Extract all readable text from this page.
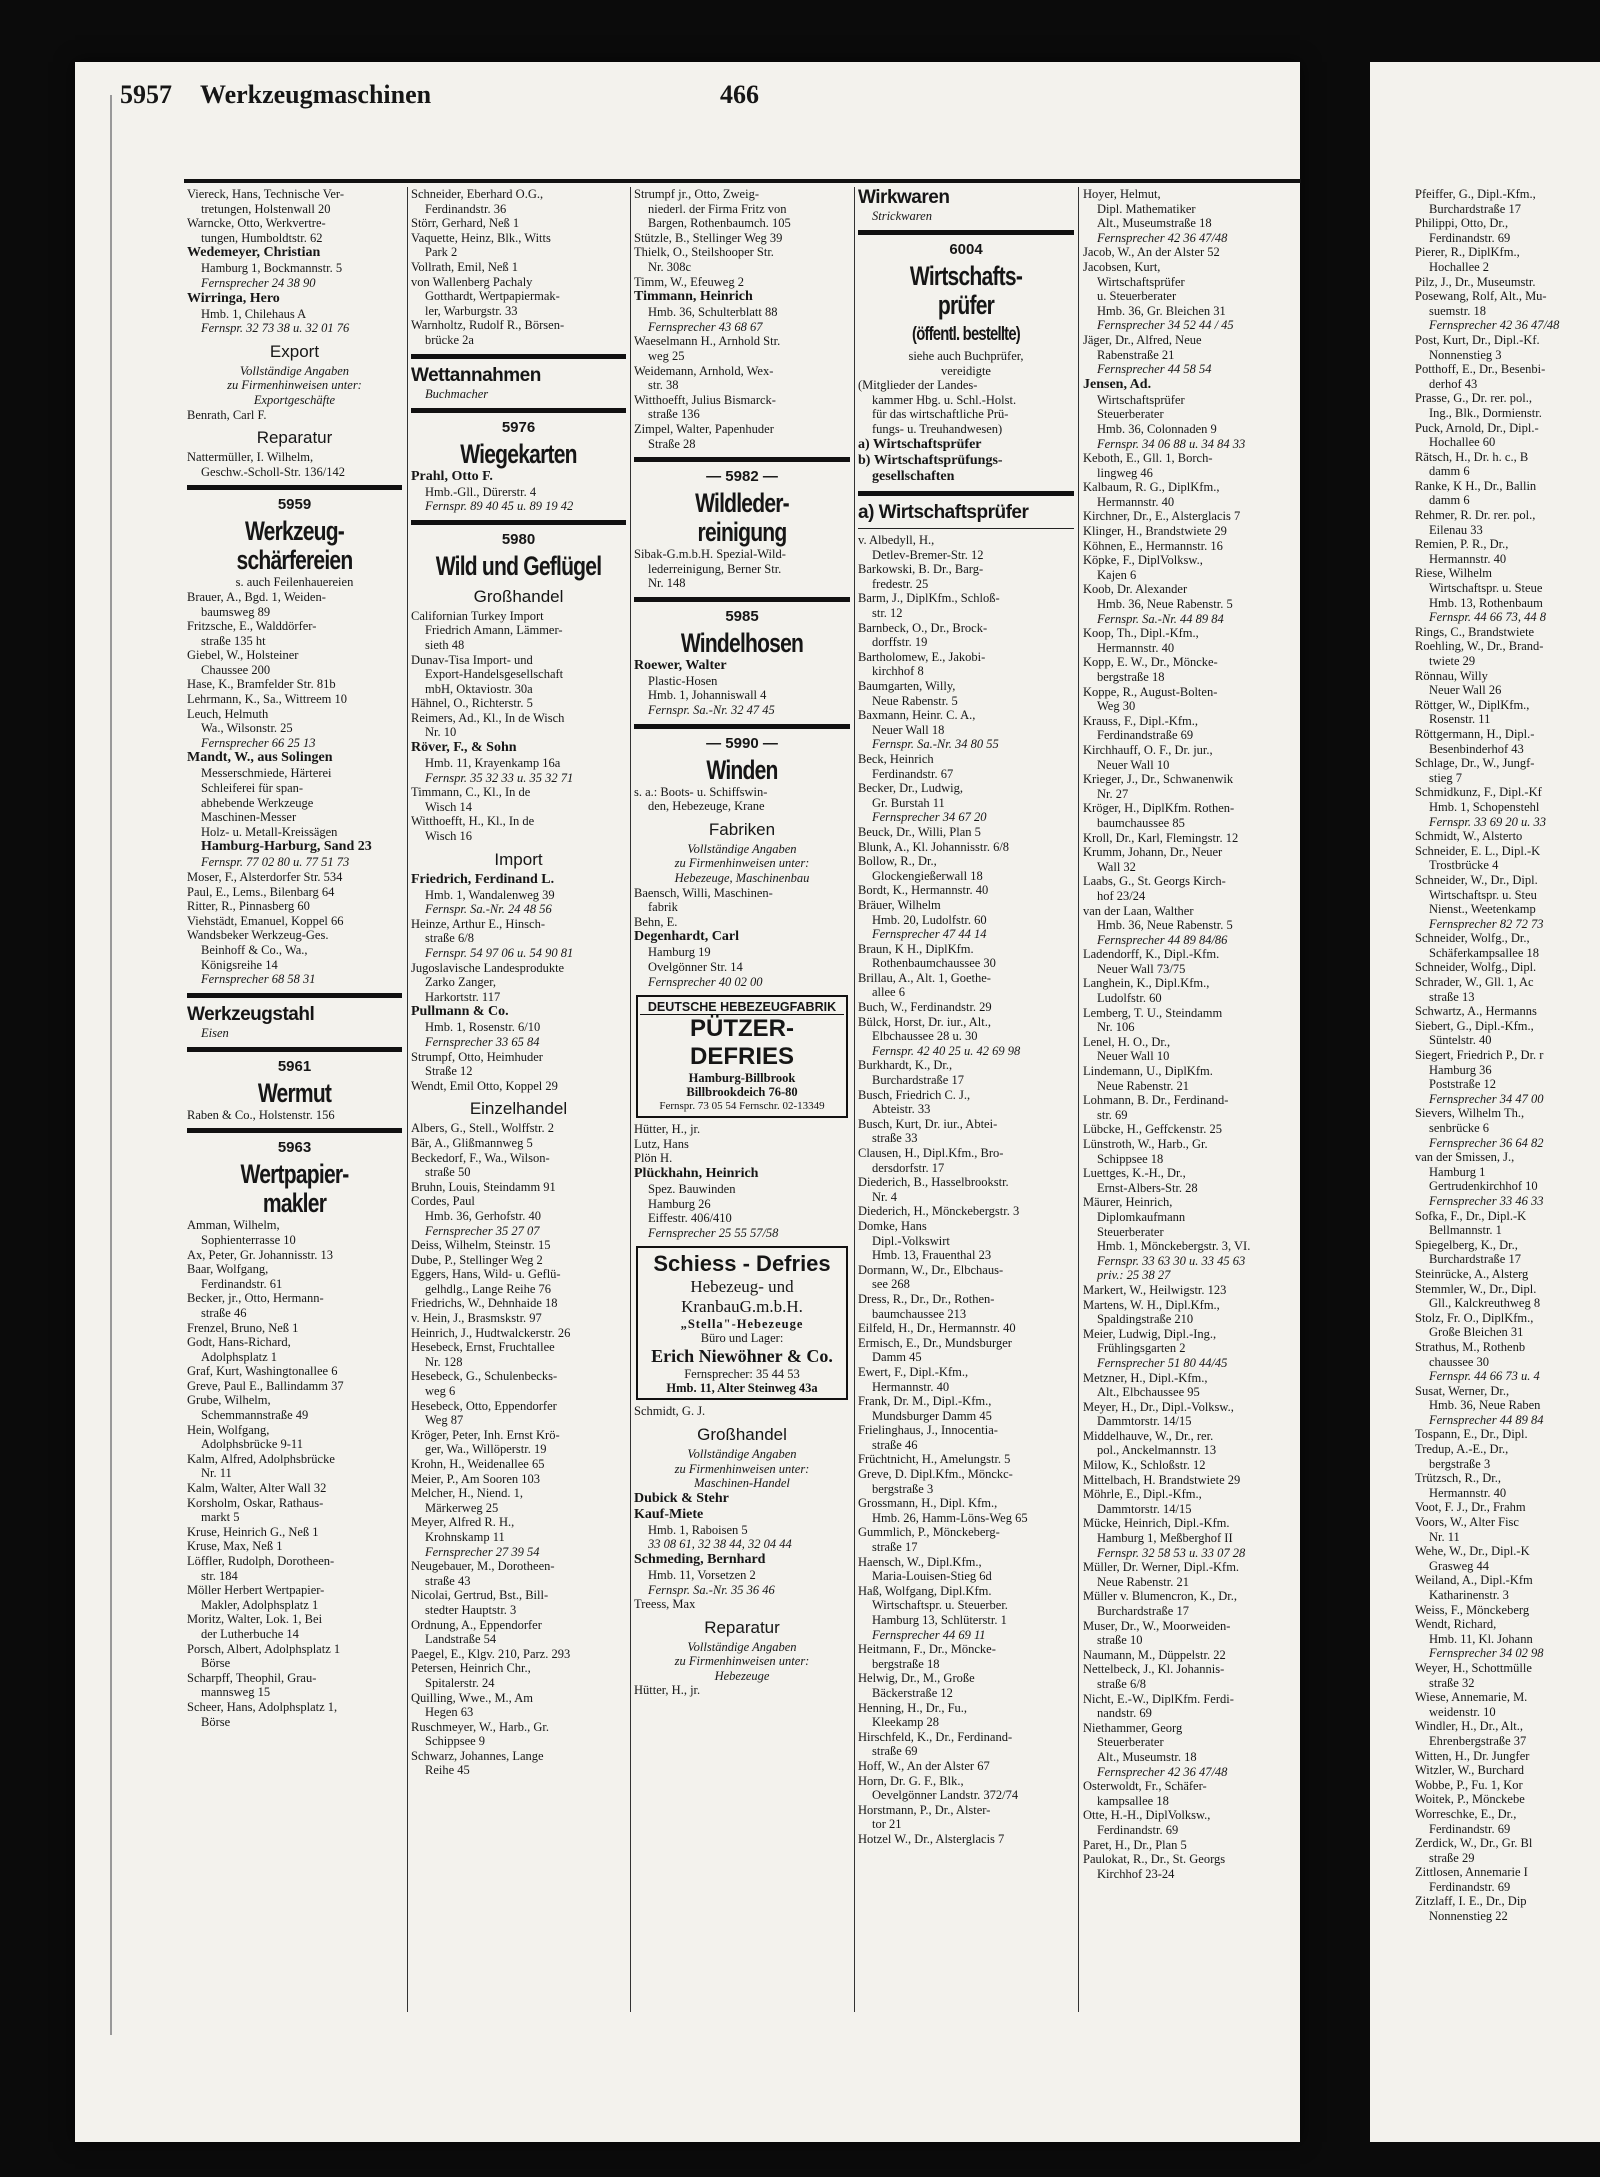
5957 Werkzeugmaschinen	466
Viereck, Hans, Technische Ver-
tretungen, Holstenwall 20
Warncke, Otto, Werkvertre-
tungen, Humboldtstr. 62
Wedemeyer, Christian
Hamburg 1, Bockmannstr. 5
Fernsprecher 24 38 90
Wirringa, Hero
Hmb. 1, Chilehaus A
Fernspr. 32 73 38 u. 32 01 76
Export
Vollständige Angaben
zu Firmenhinweisen unter:
Exportgeschäfte
Benrath, Carl F.
Reparatur
Nattermüller, I. Wilhelm,
Geschw.-Scholl-Str. 136/142
5959
Werkzeug-
schärfereien
s. auch Feilenhauereien
Brauer, A., Bgd. 1, Weiden-
baumsweg 89
Fritzsche, E., Walddörfer-
straße 135 ht
Giebel, W., Holsteiner
Chaussee 200
Hase, K., Bramfelder Str. 81b
Lehrmann, K., Sa., Wittreem 10
Leuch, Helmuth
Wa., Wilsonstr. 25
Fernsprecher 66 25 13
Mandt, W., aus Solingen
Messerschmiede, Härterei
Schleiferei für span-
abhebende Werkzeuge
Maschinen-Messer
Holz- u. Metall-Kreissägen
Hamburg-Harburg, Sand 23
Fernspr. 77 02 80 u. 77 51 73
Moser, F., Alsterdorfer Str. 534
Paul, E., Lems., Bilenbarg 64
Ritter, R., Pinnasberg 60
Viehstädt, Emanuel, Koppel 66
Wandsbeker Werkzeug-Ges.
Beinhoff & Co., Wa.,
Königsreihe 14
Fernsprecher 68 58 31
Werkzeugstahl
Eisen
5961
Wermut
Raben & Co., Holstenstr. 156
5963
Wertpapier-
makler
Amman, Wilhelm,
Sophienterrasse 10
Ax, Peter, Gr. Johannisstr. 13
Baar, Wolfgang,
Ferdinandstr. 61
Becker, jr., Otto, Hermann-
straße 46
Frenzel, Bruno, Neß 1
Godt, Hans-Richard,
Adolphsplatz 1
Graf, Kurt, Washingtonallee 6
Greve, Paul E., Ballindamm 37
Grube, Wilhelm,
Schemmannstraße 49
Hein, Wolfgang,
Adolphsbrücke 9-11
Kalm, Alfred, Adolphsbrücke
Nr. 11
Kalm, Walter, Alter Wall 32
Korsholm, Oskar, Rathaus-
markt 5
Kruse, Heinrich G., Neß 1
Kruse, Max, Neß 1
Löffler, Rudolph, Dorotheen-
str. 184
Möller Herbert Wertpapier-
Makler, Adolphsplatz 1
Moritz, Walter, Lok. 1, Bei
der Lutherbuche 14
Porsch, Albert, Adolphsplatz 1
Börse
Scharpff, Theophil, Grau-
mannsweg 15
Scheer, Hans, Adolphsplatz 1,
Börse
Schneider, Eberhard O.G.,
Ferdinandstr. 36
Störr, Gerhard, Neß 1
Vaquette, Heinz, Blk., Witts
Park 2
Vollrath, Emil, Neß 1
von Wallenberg Pachaly
Gotthardt, Wertpapiermak-
ler, Warburgstr. 33
Warnholtz, Rudolf R., Börsen-
brücke 2a
Wettannahmen
Buchmacher
5976
Wiegekarten
Prahl, Otto F.
Hmb.-Gll., Dürerstr. 4
Fernspr. 89 40 45 u. 89 19 42
5980
Wild und Geflügel
Großhandel
Californian Turkey Import
Friedrich Amann, Lämmer-
sieth 48
Dunav-Tisa Import- und
Export-Handelsgesellschaft
mbH, Oktaviostr. 30a
Hähnel, O., Richterstr. 5
Reimers, Ad., Kl., In de Wisch
Nr. 10
Röver, F., & Sohn
Hmb. 11, Krayenkamp 16a
Fernspr. 35 32 33 u. 35 32 71
Timmann, C., Kl., In de
Wisch 14
Witthoefft, H., Kl., In de
Wisch 16
Import
Friedrich, Ferdinand L.
Hmb. 1, Wandalenweg 39
Fernspr. Sa.-Nr. 24 48 56
Heinze, Arthur E., Hinsch-
straße 6/8
Fernspr. 54 97 06 u. 54 90 81
Jugoslavische Landesprodukte
Zarko Zanger,
Harkortstr. 117
Pullmann & Co.
Hmb. 1, Rosenstr. 6/10
Fernsprecher 33 65 84
Strumpf, Otto, Heimhuder
Straße 12
Wendt, Emil Otto, Koppel 29
Einzelhandel
Albers, G., Stell., Wolffstr. 2
Bär, A., Glißmannweg 5
Beckedorf, F., Wa., Wilson-
straße 50
Bruhn, Louis, Steindamm 91
Cordes, Paul
Hmb. 36, Gerhofstr. 40
Fernsprecher 35 27 07
Deiss, Wilhelm, Steinstr. 15
Dube, P., Stellinger Weg 2
Eggers, Hans, Wild- u. Geflü-
gelhdlg., Lange Reihe 76
Friedrichs, W., Dehnhaide 18
v. Hein, J., Brasmskstr. 97
Heinrich, J., Hudtwalckerstr. 26
Hesebeck, Ernst, Fruchtallee
Nr. 128
Hesebeck, G., Schulenbecks-
weg 6
Hesebeck, Otto, Eppendorfer
Weg 87
Kröger, Peter, Inh. Ernst Krö-
ger, Wa., Willöperstr. 19
Krohn, H., Weidenallee 65
Meier, P., Am Sooren 103
Melcher, H., Niend. 1,
Märkerweg 25
Meyer, Alfred R. H.,
Krohnskamp 11
Fernsprecher 27 39 54
Neugebauer, M., Dorotheen-
straße 43
Nicolai, Gertrud, Bst., Bill-
stedter Hauptstr. 3
Ordnung, A., Eppendorfer
Landstraße 54
Paegel, E., Klgv. 210, Parz. 293
Petersen, Heinrich Chr.,
Spitalerstr. 24
Quilling, Wwe., M., Am
Hegen 63
Ruschmeyer, W., Harb., Gr.
Schippsee 9
Schwarz, Johannes, Lange
Reihe 45
Strumpf jr., Otto, Zweig-
niederl. der Firma Fritz von
Bargen, Rothenbaumch. 105
Stützle, B., Stellinger Weg 39
Thielk, O., Steilshooper Str.
Nr. 308c
Timm, W., Efeuweg 2
Timmann, Heinrich
Hmb. 36, Schulterblatt 88
Fernsprecher 43 68 67
Waeselmann H., Arnhold Str.
weg 25
Weidemann, Arnhold, Wex-
str. 38
Witthoefft, Julius Bismarck-
straße 136
Zimpel, Walter, Papenhuder
Straße 28
— 5982 —
Wildleder-
reinigung
Sibak-G.m.b.H. Spezial-Wild-
lederreinigung, Berner Str.
Nr. 148
5985
Windelhosen
Roewer, Walter
Plastic-Hosen
Hmb. 1, Johanniswall 4
Fernspr. Sa.-Nr. 32 47 45
— 5990 —
Winden
s. a.: Boots- u. Schiffswin-
den, Hebezeuge, Krane
Fabriken
Vollständige Angaben
zu Firmenhinweisen unter:
Hebezeuge, Maschinenbau
Baensch, Willi, Maschinen-
fabrik
Behn, E.
Degenhardt, Carl
Hamburg 19
Ovelgönner Str. 14
Fernsprecher 40 02 00
DEUTSCHE HEBEZEUGFABRIK
PÜTZER-DEFRIES
Hamburg-Billbrook
Billbrookdeich 76-80
Fernspr. 73 05 54 Fernschr. 02-13349
Hütter, H., jr.
Lutz, Hans
Plön H.
Plückhahn, Heinrich
Spez. Bauwinden
Hamburg 26
Eiffestr. 406/410
Fernsprecher 25 55 57/58
Schiess - Defries
Hebezeug- und
KranbauG.m.b.H.
„Stella"-Hebezeuge
Büro und Lager:
Erich Niewöhner & Co.
Fernsprecher: 35 44 53
Hmb. 11, Alter Steinweg 43a
Schmidt, G. J.
Großhandel
Vollständige Angaben
zu Firmenhinweisen unter:
Maschinen-Handel
Dubick & Stehr
Kauf-Miete
Hmb. 1, Raboisen 5
33 08 61, 32 38 44, 32 04 44
Schmeding, Bernhard
Hmb. 11, Vorsetzen 2
Fernspr. Sa.-Nr. 35 36 46
Treess, Max
Reparatur
Vollständige Angaben
zu Firmenhinweisen unter:
Hebezeuge
Hütter, H., jr.
Wirkwaren
Strickwaren
6004
Wirtschafts-
prüfer
(öffentl. bestellte)
siehe auch Buchprüfer,
vereidigte
(Mitglieder der Landes-
kammer Hbg. u. Schl.-Holst.
für das wirtschaftliche Prü-
fungs- u. Treuhandwesen)
a) Wirtschaftsprüfer
b) Wirtschaftsprüfungs-
gesellschaften
a) Wirtschaftsprüfer
v. Albedyll, H.,
Detlev-Bremer-Str. 12
Barkowski, B. Dr., Barg-
fredestr. 25
Barm, J., DiplKfm., Schloß-
str. 12
Barnbeck, O., Dr., Brock-
dorffstr. 19
Bartholomew, E., Jakobi-
kirchhof 8
Baumgarten, Willy,
Neue Rabenstr. 5
Baxmann, Heinr. C. A.,
Neuer Wall 18
Fernspr. Sa.-Nr. 34 80 55
Beck, Heinrich
Ferdinandstr. 67
Becker, Dr., Ludwig,
Gr. Burstah 11
Fernsprecher 34 67 20
Beuck, Dr., Willi, Plan 5
Blunk, A., Kl. Johannisstr. 6/8
Bollow, R., Dr.,
Glockengießerwall 18
Bordt, K., Hermannstr. 40
Bräuer, Wilhelm
Hmb. 20, Ludolfstr. 60
Fernsprecher 47 44 14
Braun, K H., DiplKfm.
Rothenbaumchaussee 30
Brillau, A., Alt. 1, Goethe-
allee 6
Buch, W., Ferdinandstr. 29
Bülck, Horst, Dr. iur., Alt.,
Elbchaussee 28 u. 30
Fernspr. 42 40 25 u. 42 69 98
Burkhardt, K., Dr.,
Burchardstraße 17
Busch, Friedrich C. J.,
Abteistr. 33
Busch, Kurt, Dr. iur., Abtei-
straße 33
Clausen, H., Dipl.Kfm., Bro-
dersdorfstr. 17
Diederich, B., Hasselbrookstr.
Nr. 4
Diederich, H., Mönckebergstr. 3
Domke, Hans
Dipl.-Volkswirt
Hmb. 13, Frauenthal 23
Dormann, W., Dr., Elbchaus-
see 268
Dress, R., Dr., Dr., Rothen-
baumchaussee 213
Eilfeld, H., Dr., Hermannstr. 40
Ermisch, E., Dr., Mundsburger
Damm 45
Ewert, F., Dipl.-Kfm.,
Hermannstr. 40
Frank, Dr. M., Dipl.-Kfm.,
Mundsburger Damm 45
Frielinghaus, J., Innocentia-
straße 46
Früchtnicht, H., Amelungstr. 5
Greve, D. Dipl.Kfm., Mönckc-
bergstraße 3
Grossmann, H., Dipl. Kfm.,
Hmb. 26, Hamm-Löns-Weg 65
Gummlich, P., Mönckeberg-
straße 17
Haensch, W., Dipl.Kfm.,
Maria-Louisen-Stieg 6d
Haß, Wolfgang, Dipl.Kfm.
Wirtschaftspr. u. Steuerber.
Hamburg 13, Schlüterstr. 1
Fernsprecher 44 69 11
Heitmann, F., Dr., Möncke-
bergstraße 18
Helwig, Dr., M., Große
Bäckerstraße 12
Henning, H., Dr., Fu.,
Kleekamp 28
Hirschfeld, K., Dr., Ferdinand-
straße 69
Hoff, W., An der Alster 67
Horn, Dr. G. F., Blk.,
Oevelgönner Landstr. 372/74
Horstmann, P., Dr., Alster-
tor 21
Hotzel W., Dr., Alsterglacis 7
Hoyer, Helmut,
Dipl. Mathematiker
Alt., Museumstraße 18
Fernsprecher 42 36 47/48
Jacob, W., An der Alster 52
Jacobsen, Kurt,
Wirtschaftsprüfer
u. Steuerberater
Hmb. 36, Gr. Bleichen 31
Fernsprecher 34 52 44 / 45
Jäger, Dr., Alfred, Neue
Rabenstraße 21
Fernsprecher 44 58 54
Jensen, Ad.
Wirtschaftsprüfer
Steuerberater
Hmb. 36, Colonnaden 9
Fernspr. 34 06 88 u. 34 84 33
Keboth, E., Gll. 1, Borch-
lingweg 46
Kalbaum, R. G., DiplKfm.,
Hermannstr. 40
Kirchner, Dr., E., Alsterglacis 7
Klinger, H., Brandstwiete 29
Köhnen, E., Hermannstr. 16
Köpke, F., DiplVolksw.,
Kajen 6
Koob, Dr. Alexander
Hmb. 36, Neue Rabenstr. 5
Fernspr. Sa.-Nr. 44 89 84
Koop, Th., Dipl.-Kfm.,
Hermannstr. 40
Kopp, E. W., Dr., Möncke-
bergstraße 18
Koppe, R., August-Bolten-
Weg 30
Krauss, F., Dipl.-Kfm.,
Ferdinandstraße 69
Kirchhauff, O. F., Dr. jur.,
Neuer Wall 10
Krieger, J., Dr., Schwanenwik
Nr. 27
Kröger, H., DiplKfm. Rothen-
baumchaussee 85
Kroll, Dr., Karl, Flemingstr. 12
Krumm, Johann, Dr., Neuer
Wall 32
Laabs, G., St. Georgs Kirch-
hof 23/24
van der Laan, Walther
Hmb. 36, Neue Rabenstr. 5
Fernsprecher 44 89 84/86
Ladendorff, K., Dipl.-Kfm.
Neuer Wall 73/75
Langhein, K., Dipl.Kfm.,
Ludolfstr. 60
Lemberg, T. U., Steindamm
Nr. 106
Lenel, H. O., Dr.,
Neuer Wall 10
Lindemann, U., DiplKfm.
Neue Rabenstr. 21
Lohmann, B. Dr., Ferdinand-
str. 69
Lübcke, H., Geffckenstr. 25
Lünstroth, W., Harb., Gr.
Schippsee 18
Luettges, K.-H., Dr.,
Ernst-Albers-Str. 28
Mäurer, Heinrich,
Diplomkaufmann
Steuerberater
Hmb. 1, Mönckebergstr. 3, VI.
Fernspr. 33 63 30 u. 33 45 63
priv.: 25 38 27
Markert, W., Heilwigstr. 123
Martens, W. H., Dipl.Kfm.,
Spaldingstraße 210
Meier, Ludwig, Dipl.-Ing.,
Frühlingsgarten 2
Fernsprecher 51 80 44/45
Metzner, H., Dipl.-Kfm.,
Alt., Elbchaussee 95
Meyer, H., Dr., Dipl.-Volksw.,
Dammtorstr. 14/15
Middelhauve, W., Dr., rer.
pol., Anckelmannstr. 13
Milow, K., Schloßstr. 12
Mittelbach, H. Brandstwiete 29
Möhrle, E., Dipl.-Kfm.,
Dammtorstr. 14/15
Mücke, Heinrich, Dipl.-Kfm.
Hamburg 1, Meßberghof II
Fernspr. 32 58 53 u. 33 07 28
Müller, Dr. Werner, Dipl.-Kfm.
Neue Rabenstr. 21
Müller v. Blumencron, K., Dr.,
Burchardstraße 17
Muser, Dr., W., Moorweiden-
straße 10
Naumann, M., Düppelstr. 22
Nettelbeck, J., Kl. Johannis-
straße 6/8
Nicht, E.-W., DiplKfm. Ferdi-
nandstr. 69
Niethammer, Georg
Steuerberater
Alt., Museumstr. 18
Fernsprecher 42 36 47/48
Osterwoldt, Fr., Schäfer-
kampsallee 18
Otte, H.-H., DiplVolksw.,
Ferdinandstr. 69
Paret, H., Dr., Plan 5
Paulokat, R., Dr., St. Georgs
Kirchhof 23-24
Pfeiffer, G., Dipl.-Kfm.,
Burchardstraße 17
Philippi, Otto, Dr.,
Ferdinandstr. 69
Pierer, R., DiplKfm.,
Hochallee 2
Pilz, J., Dr., Museumstr.
Posewang, Rolf, Alt., Mu-
suemstr. 18
Fernsprecher 42 36 47/48
Post, Kurt, Dr., Dipl.-Kf.
Nonnenstieg 3
Potthoff, E., Dr., Besenbi-
derhof 43
Prasse, G., Dr. rer. pol.,
Ing., Blk., Dormienstr.
Puck, Arnold, Dr., Dipl.-
Hochallee 60
Rätsch, H., Dr. h. c., B
damm 6
Ranke, K H., Dr., Ballin
damm 6
Rehmer, R. Dr. rer. pol.,
Eilenau 33
Remien, P. R., Dr.,
Hermannstr. 40
Riese, Wilhelm
Wirtschaftspr. u. Steue
Hmb. 13, Rothenbaum
Fernspr. 44 66 73, 44 8
Rings, C., Brandstwiete
Roehling, W., Dr., Brand-
twiete 29
Rönnau, Willy
Neuer Wall 26
Röttger, W., DiplKfm.,
Rosenstr. 11
Röttgermann, H., Dipl.-
Besenbinderhof 43
Schlage, Dr., W., Jungf-
stieg 7
Schmidkunz, F., Dipl.-Kf
Hmb. 1, Schopenstehl
Fernspr. 33 69 20 u. 33
Schmidt, W., Alsterto
Schneider, E. L., Dipl.-K
Trostbrücke 4
Schneider, W., Dr., Dipl.
Wirtschaftspr. u. Steu
Nienst., Weetenkamp
Fernsprecher 82 72 73
Schneider, Wolfg., Dr.,
Schäferkampsallee 18
Schneider, Wolfg., Dipl.
Schrader, W., Gll. 1, Ac
straße 13
Schwartz, A., Hermanns
Siebert, G., Dipl.-Kfm.,
Süntelstr. 40
Siegert, Friedrich P., Dr. r
Hamburg 36
Poststraße 12
Fernsprecher 34 47 00
Sievers, Wilhelm Th.,
senbrücke 6
Fernsprecher 36 64 82
van der Smissen, J.,
Hamburg 1
Gertrudenkirchhof 10
Fernsprecher 33 46 33
Sofka, F., Dr., Dipl.-K
Bellmannstr. 1
Spiegelberg, K., Dr.,
Burchardstraße 17
Steinrücke, A., Alsterg
Stemmler, W., Dr., Dipl.
Gll., Kalckreuthweg 8
Stolz, Fr. O., DiplKfm.,
Große Bleichen 31
Strathus, M., Rothenb
chaussee 30
Fernspr. 44 66 73 u. 4
Susat, Werner, Dr.,
Hmb. 36, Neue Raben
Fernsprecher 44 89 84
Tospann, E., Dr., Dipl.
Tredup, A.-E., Dr.,
bergstraße 3
Trützsch, R., Dr.,
Hermannstr. 40
Voot, F. J., Dr., Frahm
Voors, W., Alter Fisc
Nr. 11
Wehe, W., Dr., Dipl.-K
Grasweg 44
Weiland, A., Dipl.-Kfm
Katharinenstr. 3
Weiss, F., Mönckeberg
Wendt, Richard,
Hmb. 11, Kl. Johann
Fernsprecher 34 02 98
Weyer, H., Schottmülle
straße 32
Wiese, Annemarie, M.
weidenstr. 10
Windler, H., Dr., Alt.,
Ehrenbergstraße 37
Witten, H., Dr. Jungfer
Witzler, W., Burchard
Wobbe, P., Fu. 1, Kor
Woitek, P., Mönckebe
Worreschke, E., Dr.,
Ferdinandstr. 69
Zerdick, W., Dr., Gr. Bl
straße 29
Zittlosen, Annemarie I
Ferdinandstr. 69
Zitzlaff, I. E., Dr., Dip
Nonnenstieg 22
